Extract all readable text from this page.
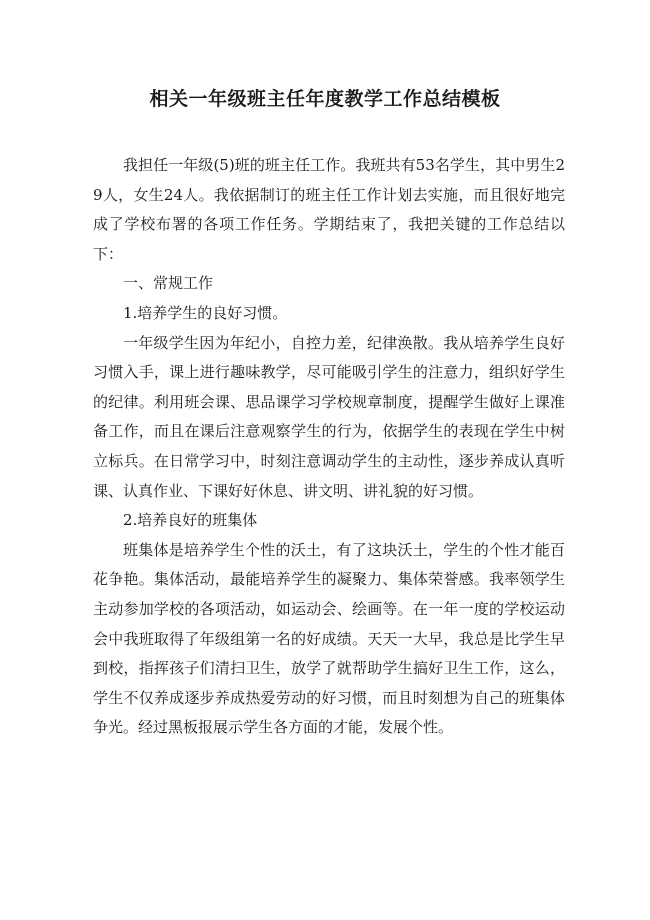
相关一年级班主任年度教学工作总结模板

我担任一年级(5)班的班主任工作。我班共有53名学生，其中男生29人，女生24人。我依据制订的班主任工作计划去实施，而且很好地完成了学校布署的各项工作任务。学期结束了，我把关键的工作总结以下：

一、常规工作

1.培养学生的良好习惯。

一年级学生因为年纪小，自控力差，纪律涣散。我从培养学生良好习惯入手，课上进行趣味教学，尽可能吸引学生的注意力，组织好学生的纪律。利用班会课、思品课学习学校规章制度，提醒学生做好上课准备工作，而且在课后注意观察学生的行为，依据学生的表现在学生中树立标兵。在日常学习中，时刻注意调动学生的主动性，逐步养成认真听课、认真作业、下课好好休息、讲文明、讲礼貌的好习惯。

2.培养良好的班集体

班集体是培养学生个性的沃土，有了这块沃土，学生的个性才能百花争艳。集体活动，最能培养学生的凝聚力、集体荣誉感。我率领学生主动参加学校的各项活动，如运动会、绘画等。在一年一度的学校运动会中我班取得了年级组第一名的好成绩。天天一大早，我总是比学生早到校，指挥孩子们清扫卫生，放学了就帮助学生搞好卫生工作，这么，学生不仅养成逐步养成热爱劳动的好习惯，而且时刻想为自己的班集体争光。经过黑板报展示学生各方面的才能，发展个性。
